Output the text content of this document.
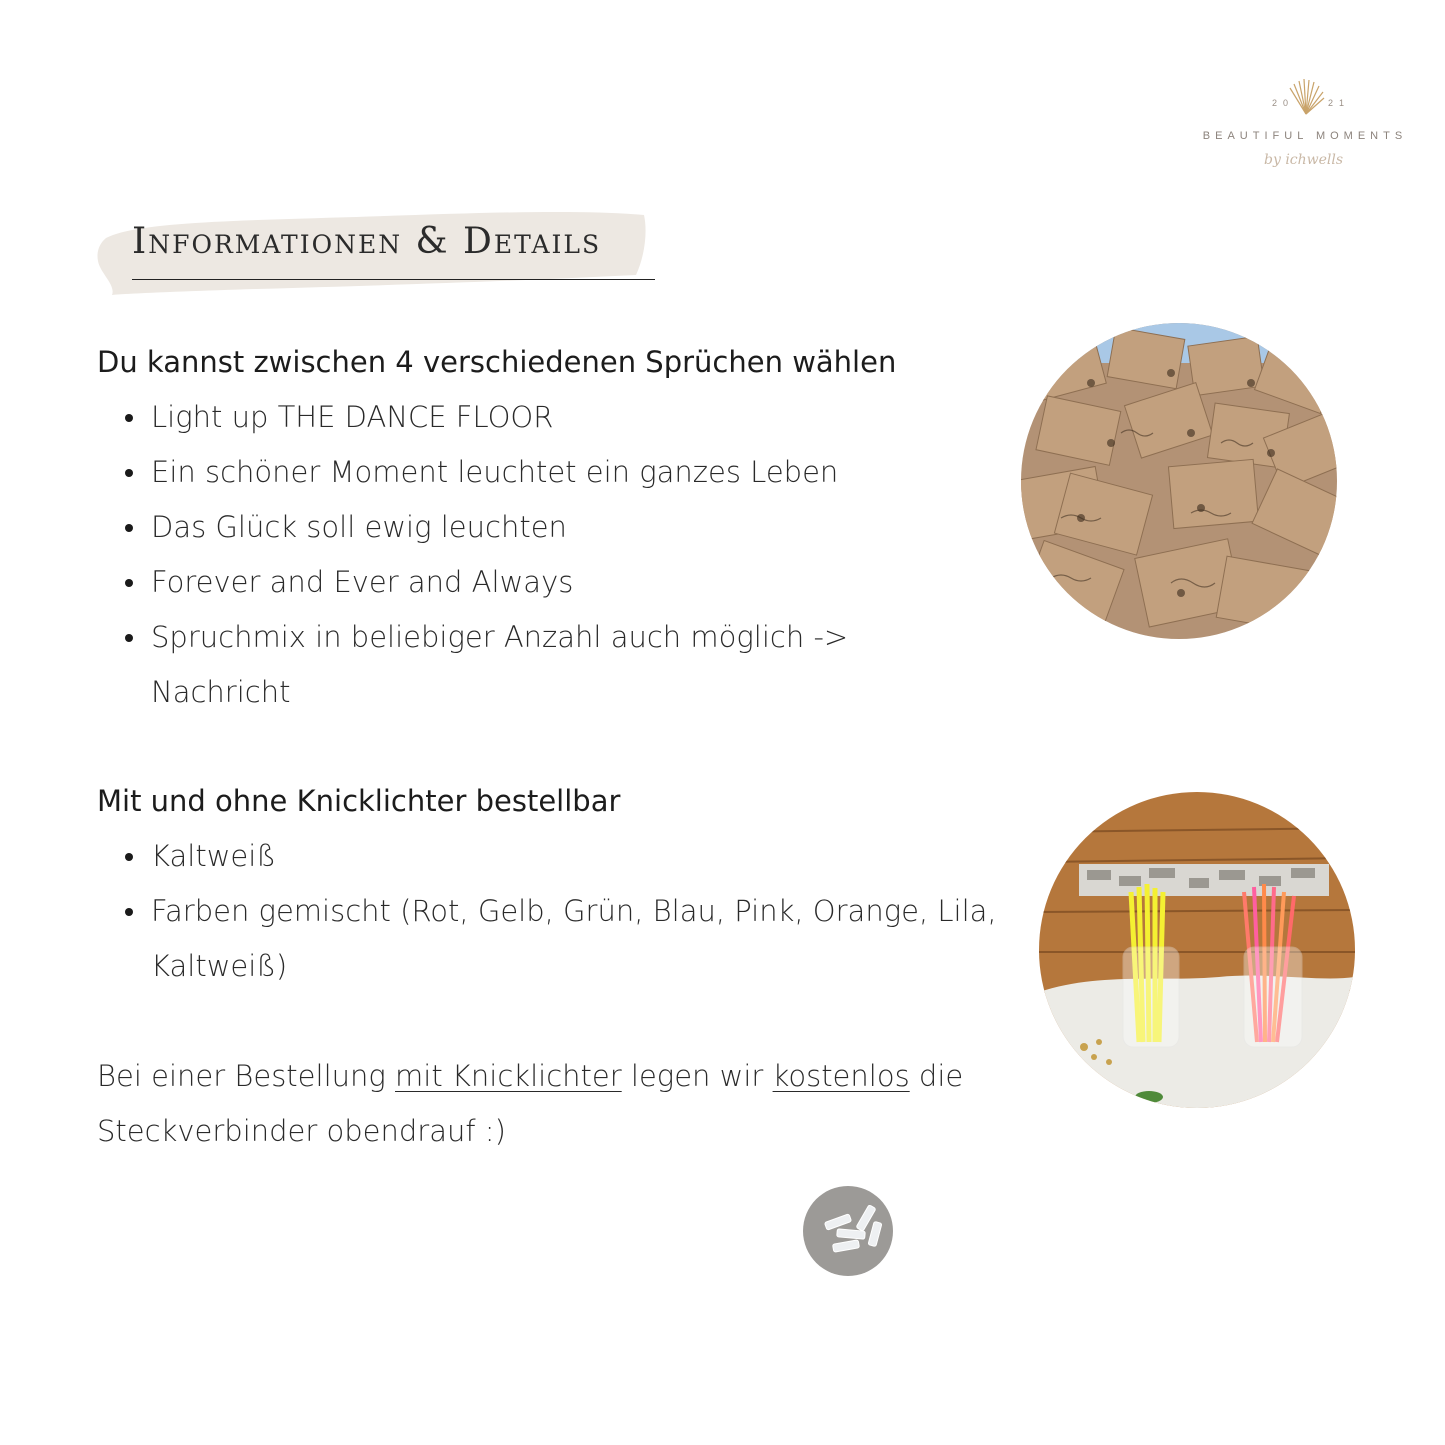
20	21
BEAUTIFUL MOMENTS
by ichwells
Informationen & Details
Du kannst zwischen 4 verschiedenen Sprüchen wählen
Light up THE DANCE FLOOR
Ein schöner Moment leuchtet ein ganzes Leben
Das Glück soll ewig leuchten
Forever and Ever and Always
Spruchmix in beliebiger Anzahl auch möglich -> Nachricht
Mit und ohne Knicklichter bestellbar
Kaltweiß
Farben gemischt (Rot, Gelb, Grün, Blau, Pink, Orange, Lila, Kaltweiß)

Bei einer Bestellung mit Knicklichter legen wir kostenlos die Steckverbinder obendrauf :)
